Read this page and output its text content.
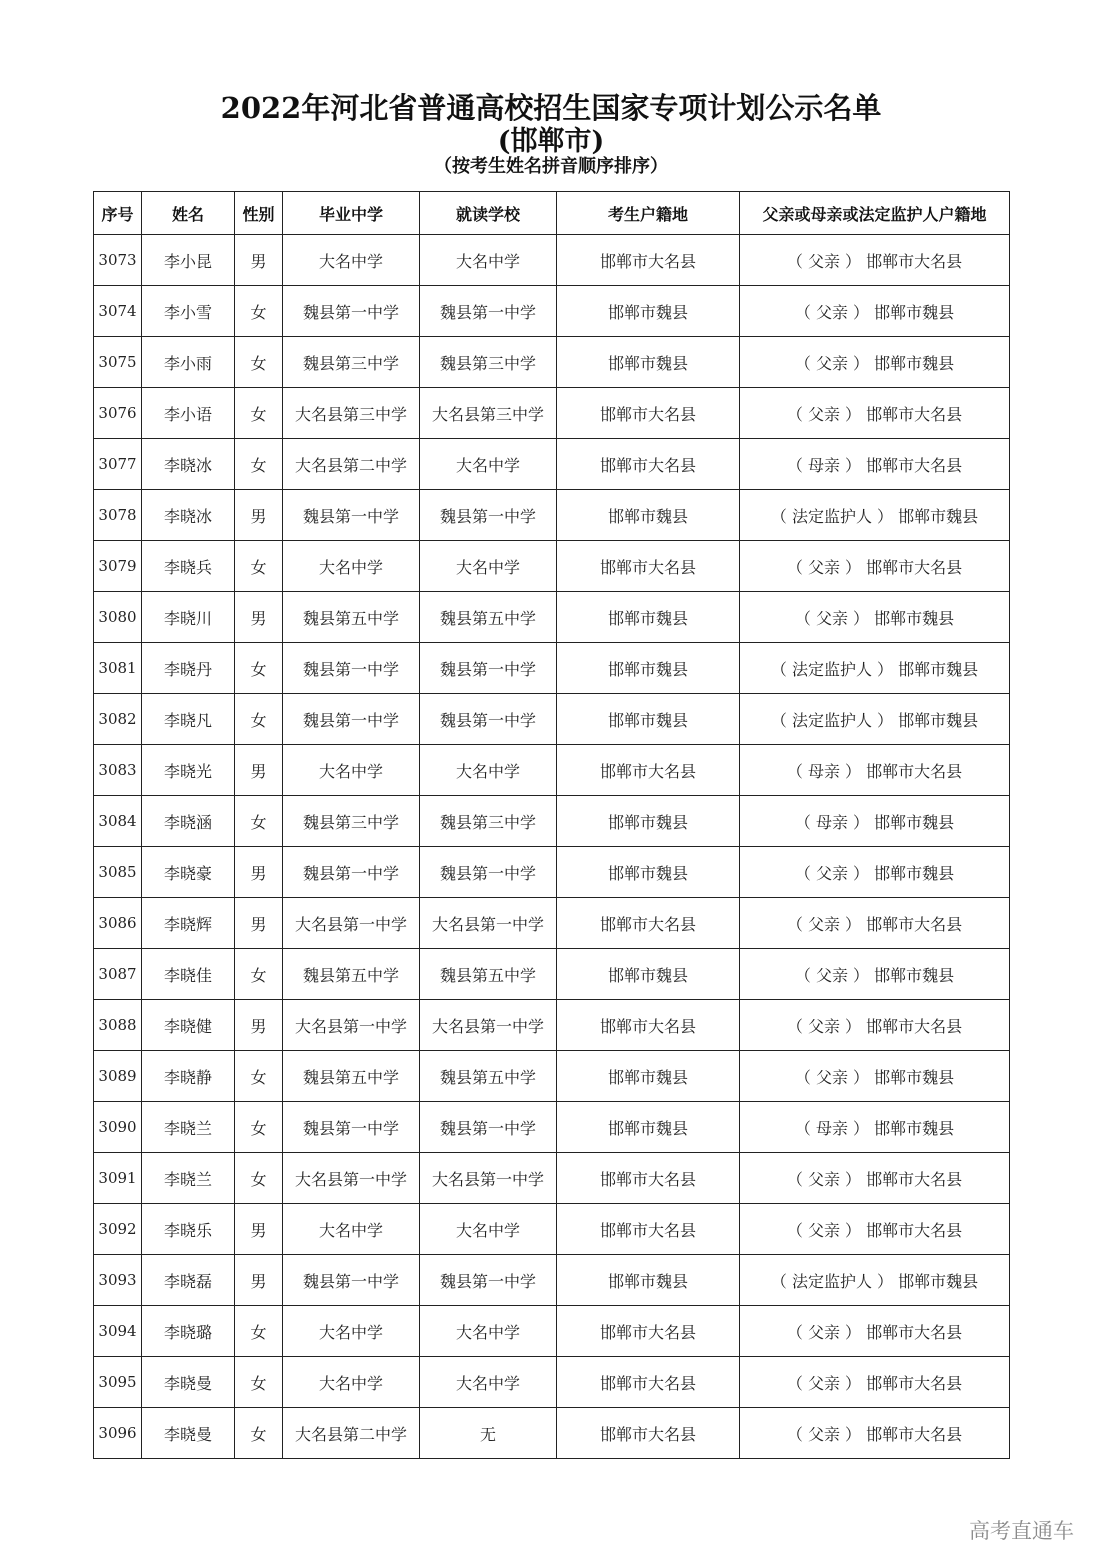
2022年河北省普通高校招生国家专项计划公示名单
(邯郸市)
（按考生姓名拼音顺序排序）
序号	姓名	性别	毕业中学	就读学校	考生户籍地	父亲或母亲或法定监护人户籍地
3073	李小昆	男	大名中学	大名中学	邯郸市大名县	（ 父亲 ） 邯郸市大名县
3074	李小雪	女	魏县第一中学	魏县第一中学	邯郸市魏县	（ 父亲 ） 邯郸市魏县
3075	李小雨	女	魏县第三中学	魏县第三中学	邯郸市魏县	（ 父亲 ） 邯郸市魏县
3076	李小语	女	大名县第三中学	大名县第三中学	邯郸市大名县	（ 父亲 ） 邯郸市大名县
3077	李晓冰	女	大名县第二中学	大名中学	邯郸市大名县	（ 母亲 ） 邯郸市大名县
3078	李晓冰	男	魏县第一中学	魏县第一中学	邯郸市魏县	（ 法定监护人 ） 邯郸市魏县
3079	李晓兵	女	大名中学	大名中学	邯郸市大名县	（ 父亲 ） 邯郸市大名县
3080	李晓川	男	魏县第五中学	魏县第五中学	邯郸市魏县	（ 父亲 ） 邯郸市魏县
3081	李晓丹	女	魏县第一中学	魏县第一中学	邯郸市魏县	（ 法定监护人 ） 邯郸市魏县
3082	李晓凡	女	魏县第一中学	魏县第一中学	邯郸市魏县	（ 法定监护人 ） 邯郸市魏县
3083	李晓光	男	大名中学	大名中学	邯郸市大名县	（ 母亲 ） 邯郸市大名县
3084	李晓涵	女	魏县第三中学	魏县第三中学	邯郸市魏县	（ 母亲 ） 邯郸市魏县
3085	李晓豪	男	魏县第一中学	魏县第一中学	邯郸市魏县	（ 父亲 ） 邯郸市魏县
3086	李晓辉	男	大名县第一中学	大名县第一中学	邯郸市大名县	（ 父亲 ） 邯郸市大名县
3087	李晓佳	女	魏县第五中学	魏县第五中学	邯郸市魏县	（ 父亲 ） 邯郸市魏县
3088	李晓健	男	大名县第一中学	大名县第一中学	邯郸市大名县	（ 父亲 ） 邯郸市大名县
3089	李晓静	女	魏县第五中学	魏县第五中学	邯郸市魏县	（ 父亲 ） 邯郸市魏县
3090	李晓兰	女	魏县第一中学	魏县第一中学	邯郸市魏县	（ 母亲 ） 邯郸市魏县
3091	李晓兰	女	大名县第一中学	大名县第一中学	邯郸市大名县	（ 父亲 ） 邯郸市大名县
3092	李晓乐	男	大名中学	大名中学	邯郸市大名县	（ 父亲 ） 邯郸市大名县
3093	李晓磊	男	魏县第一中学	魏县第一中学	邯郸市魏县	（ 法定监护人 ） 邯郸市魏县
3094	李晓璐	女	大名中学	大名中学	邯郸市大名县	（ 父亲 ） 邯郸市大名县
3095	李晓曼	女	大名中学	大名中学	邯郸市大名县	（ 父亲 ） 邯郸市大名县
3096	李晓曼	女	大名县第二中学	无	邯郸市大名县	（ 父亲 ） 邯郸市大名县
高考直通车
